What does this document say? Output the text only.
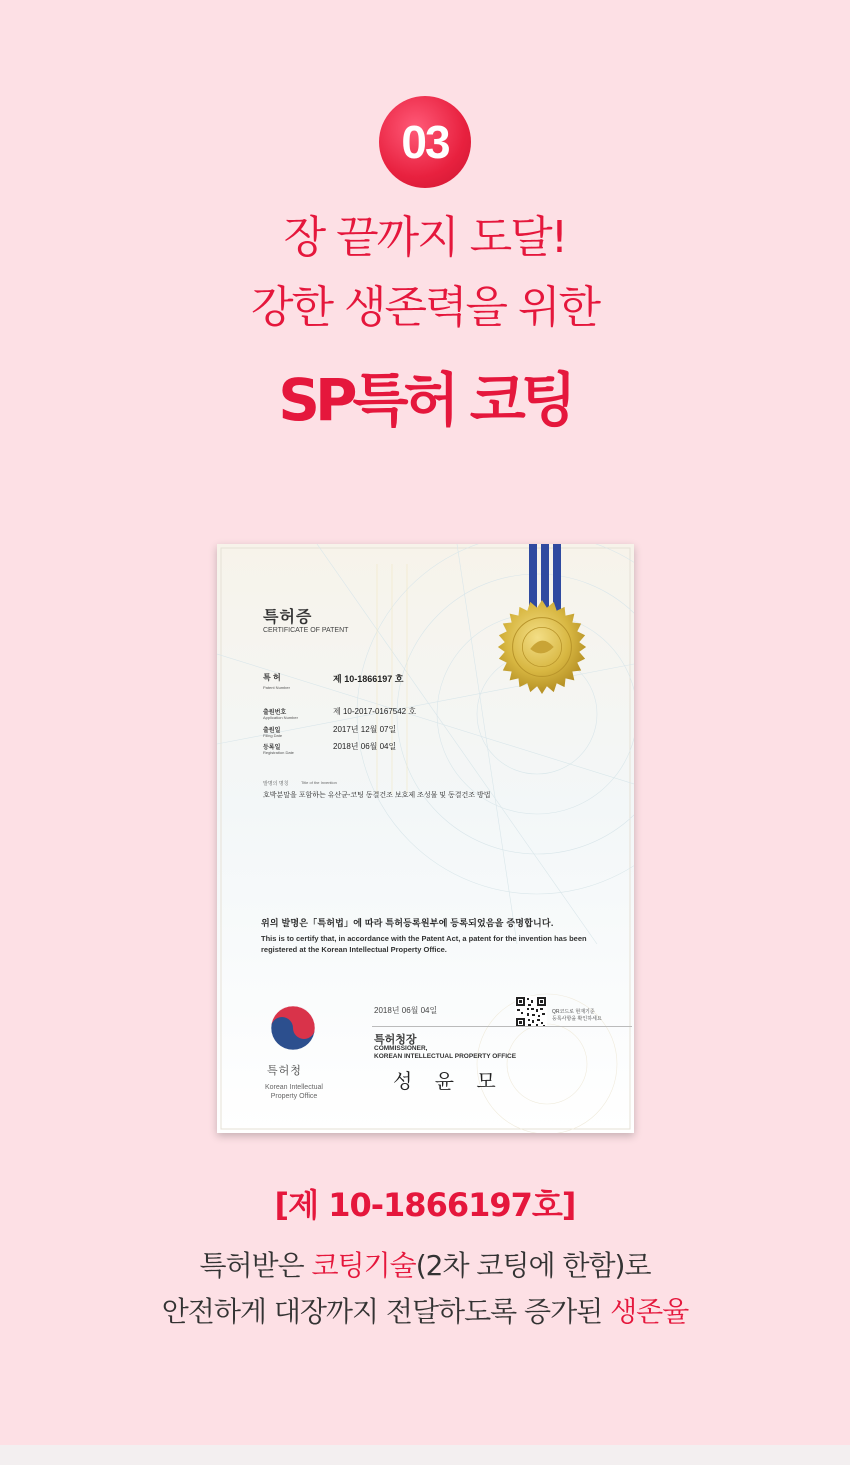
03
장 끝까지 도달!
강한 생존력을 위한
SP특허 코팅
특허증
CERTIFICATE OF PATENT
특 허
Patent Number
제 10-1866197 호
출원번호
Application Number
제 10-2017-0167542 호
출원일
Filing Date
2017년 12월 07일
등록일
Registration Date
2018년 06월 04일
발명의 명칭	Title of the Invention
호박분말을 포함하는 유산균-코팅 동결건조 보호제 조성물 및 동결건조 방법
위의 발명은「특허법」에 따라 특허등록원부에 등록되었음을 증명합니다.
This is to certify that, in accordance with the Patent Act, a patent for the invention has been registered at the Korean Intellectual Property Office.
특허청
Korean Intellectual Property Office
2018년 06월 04일	QR코드로 현재기준
등록사항을 확인하세요
특허청장
COMMISSIONER,
KOREAN INTELLECTUAL PROPERTY OFFICE
성 윤 모
[제 10-1866197호]
특허받은 코팅기술(2차 코팅에 한함)로
안전하게 대장까지 전달하도록 증가된 생존율
